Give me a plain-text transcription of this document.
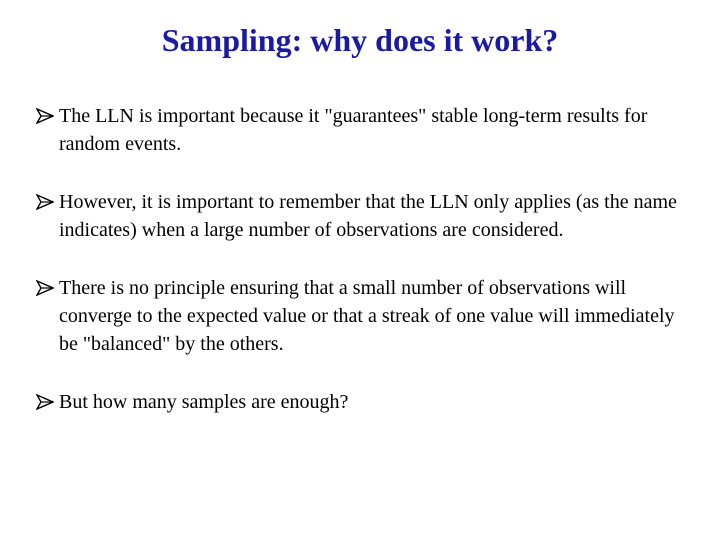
Sampling: why does it work?
The LLN is important because it "guarantees" stable long-term results for random events.
However, it is important to remember that the LLN only applies (as the name indicates) when a large number of observations are considered.
There is no principle ensuring that a small number of observations will converge to the expected value or that a streak of one value will immediately be "balanced" by the others.
But how many samples are enough?
